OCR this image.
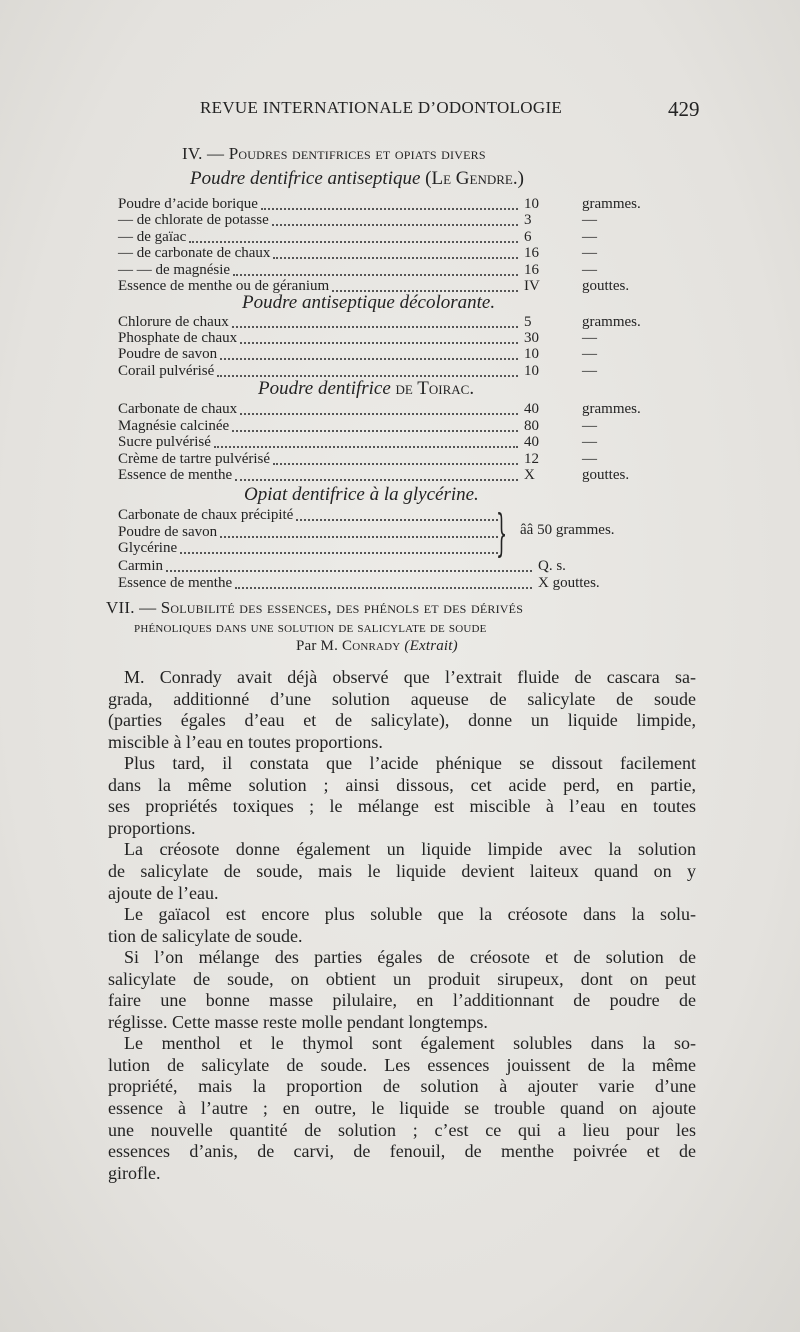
REVUE INTERNATIONALE D’ODONTOLOGIE	429
IV. — Poudres dentifrices et opiats divers
Poudre dentifrice antiseptique (Le Gendre.)
Poudre d’acide borique	10	grammes.
— de chlorate de potasse	3	—
— de gaïac	6	—
— de carbonate de chaux	16	—
— — de magnésie	16	—
Essence de menthe ou de géranium	IV	gouttes.
Poudre antiseptique décolorante.
Chlorure de chaux	5	grammes.
Phosphate de chaux	30	—
Poudre de savon	10	—
Corail pulvérisé	10	—
Poudre dentifrice de Toirac.
Carbonate de chaux	40	grammes.
Magnésie calcinée	80	—
Sucre pulvérisé	40	—
Crème de tartre pulvérisé	12	—
Essence de menthe	X	gouttes.
Opiat dentifrice à la glycérine.
Carbonate de chaux précipité
Poudre de savon
Glycérine	} ââ 50 grammes.
Carmin	Q. s.
Essence de menthe	X gouttes.
VII. — Solubilité des essences, des phénols et des dérivés
phénoliques dans une solution de salicylate de soude
Par M. Conrady (Extrait)
M. Conrady avait déjà observé que l’extrait fluide de cascara sa-
grada, additionné d’une solution aqueuse de salicylate de soude
(parties égales d’eau et de salicylate), donne un liquide limpide,
miscible à l’eau en toutes proportions.
Plus tard, il constata que l’acide phénique se dissout facilement
dans la même solution ; ainsi dissous, cet acide perd, en partie,
ses propriétés toxiques ; le mélange est miscible à l’eau en toutes
proportions.
La créosote donne également un liquide limpide avec la solution
de salicylate de soude, mais le liquide devient laiteux quand on y
ajoute de l’eau.
Le gaïacol est encore plus soluble que la créosote dans la solu-
tion de salicylate de soude.
Si l’on mélange des parties égales de créosote et de solution de
salicylate de soude, on obtient un produit sirupeux, dont on peut
faire une bonne masse pilulaire, en l’additionnant de poudre de
réglisse. Cette masse reste molle pendant longtemps.
Le menthol et le thymol sont également solubles dans la so-
lution de salicylate de soude. Les essences jouissent de la même
propriété, mais la proportion de solution à ajouter varie d’une
essence à l’autre ; en outre, le liquide se trouble quand on ajoute
une nouvelle quantité de solution ; c’est ce qui a lieu pour les
essences d’anis, de carvi, de fenouil, de menthe poivrée et de
girofle.
